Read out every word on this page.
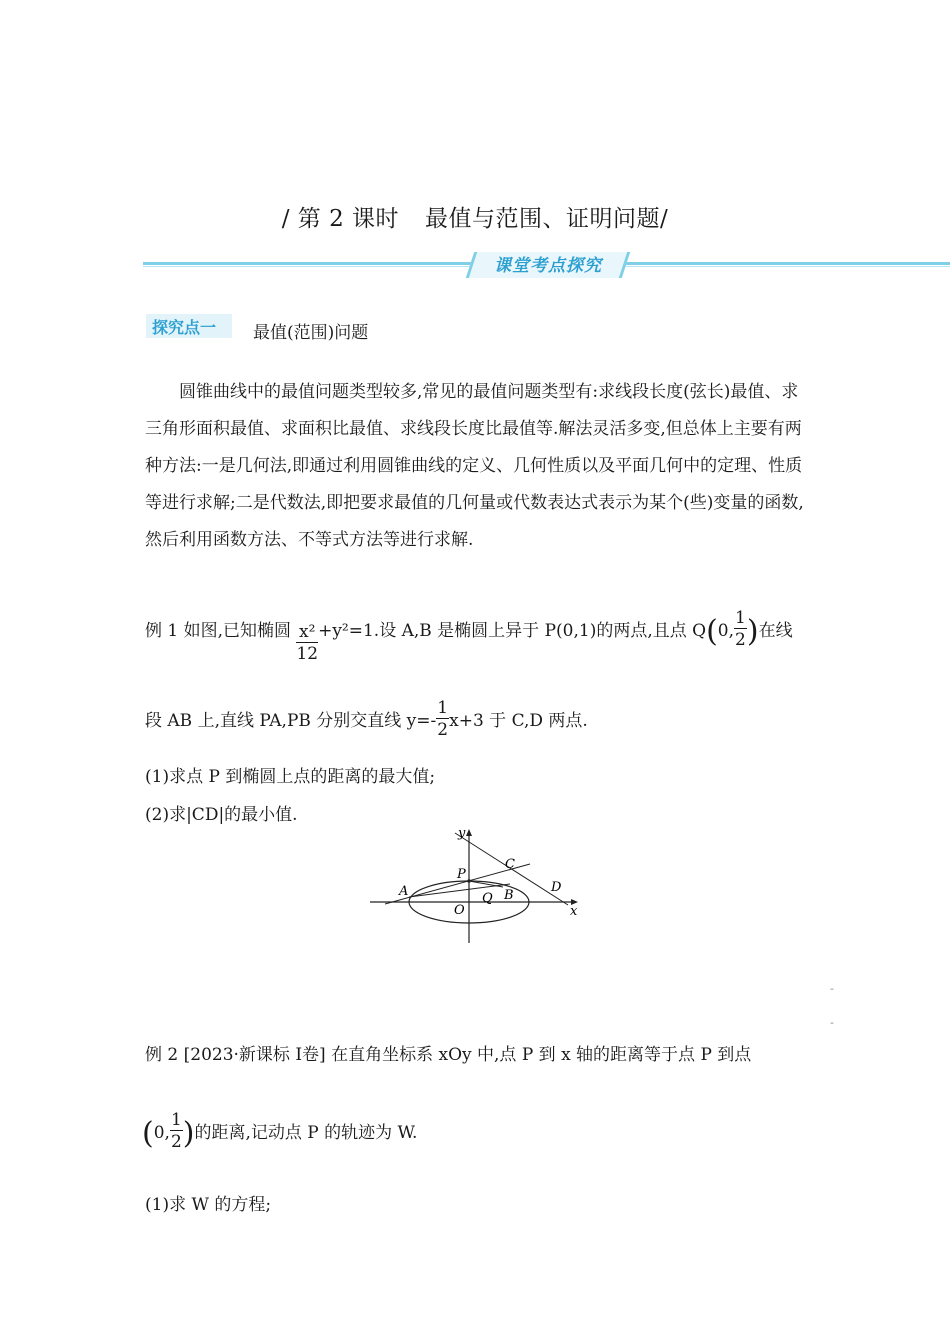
/ 第 2 课时 最值与范围、证明问题/
课堂考点探究
探究点一 最值(范围)问题
圆锥曲线中的最值问题类型较多,常见的最值问题类型有:求线段长度(弦长)最值、求三角形面积最值、求面积比最值、求线段长度比最值等.解法灵活多变,但总体上主要有两种方法:一是几何法,即通过利用圆锥曲线的定义、几何性质以及平面几何中的定理、性质等进行求解;二是代数法,即把要求最值的几何量或代数表达式表示为某个(些)变量的函数,然后利用函数方法、不等式方法等进行求解.
例 1 如图,已知椭圆 $\frac{\text{x²}}{12} +y^2=1$.设 A,B 是椭圆上异于 P(0,1)的两点,且点 Q(0, $\frac{1}{2}$ )在线
段 AB 上,直线 PA,PB 分别交直线 $y=- \frac{1}{2} x+3$ 于 C,D 两点.
(1)求点 P 到椭圆上点的距离的最大值;
(2)求|CD|的最小值.
y
x
O
P
A	B
C
D
Q
-
-
例 2 [2023·新课标 Ⅰ卷] 在直角坐标系 xOy 中,点 P 到 x 轴的距离等于点 P 到点
(0, $\frac{1}{2}$ )的距离,记动点 P 的轨迹为 W.
(1)求 W 的方程;
